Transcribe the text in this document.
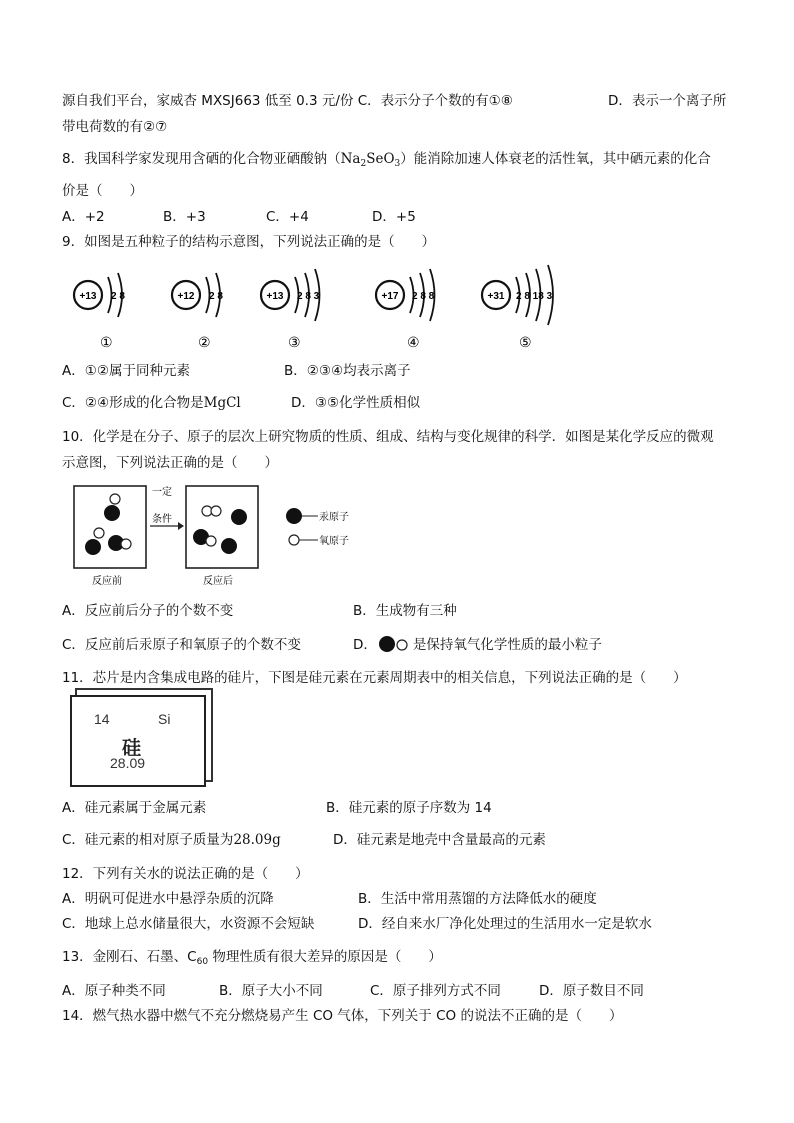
源自我们平台，家威杏 MXSJ663 低至 0.3 元/份 C．表示分子个数的有①⑧	D．表示一个离子所
带电荷数的有②⑦
8．我国科学家发现用含硒的化合物亚硒酸钠$(Na_2SeO_3)$能消除加速人体衰老的活性氧，其中硒元素的化合
价是（　　）
A．+2	B．+3	C．+4	D．+5
9．如图是五种粒子的结构示意图，下列说法正确的是（　　）
+13 2 8
①
+12 2 8
②
+13 2 8 3
③
+17 2 8 8
④
+31 2 8 18 3
⑤
A．①②属于同种元素	B．②③④均表示离子
C．②④形成的化合物是MgCl	D．③⑤化学性质相似
10．化学是在分子、原子的层次上研究物质的性质、组成、结构与变化规律的科学．如图是某化学反应的微观
示意图，下列说法正确的是（　　）
一定
条件
反应前	反应后
汞原子
氧原子
A．反应前后分子的个数不变	B．生成物有三种
C．反应前后汞原子和氧原子的个数不变	D．	是保持氧气化学性质的最小粒子
11．芯片是内含集成电路的硅片，下图是硅元素在元素周期表中的相关信息，下列说法正确的是（　　）
14	Si
硅
28.09
A．硅元素属于金属元素	B．硅元素的原子序数为 14
C．硅元素的相对原子质量为28.09g	D．硅元素是地壳中含量最高的元素
12．下列有关水的说法正确的是（　　）
A．明矾可促进水中悬浮杂质的沉降	B．生活中常用蒸馏的方法降低水的硬度
C．地球上总水储量很大，水资源不会短缺	D．经自来水厂净化处理过的生活用水一定是软水
13．金刚石、石墨、$C_{60}$ 物理性质有很大差异的原因是（　　）
A．原子种类不同	B．原子大小不同	C．原子排列方式不同	D．原子数目不同
14．燃气热水器中燃气不充分燃烧易产生 CO 气体，下列关于 CO 的说法不正确的是（　　）
